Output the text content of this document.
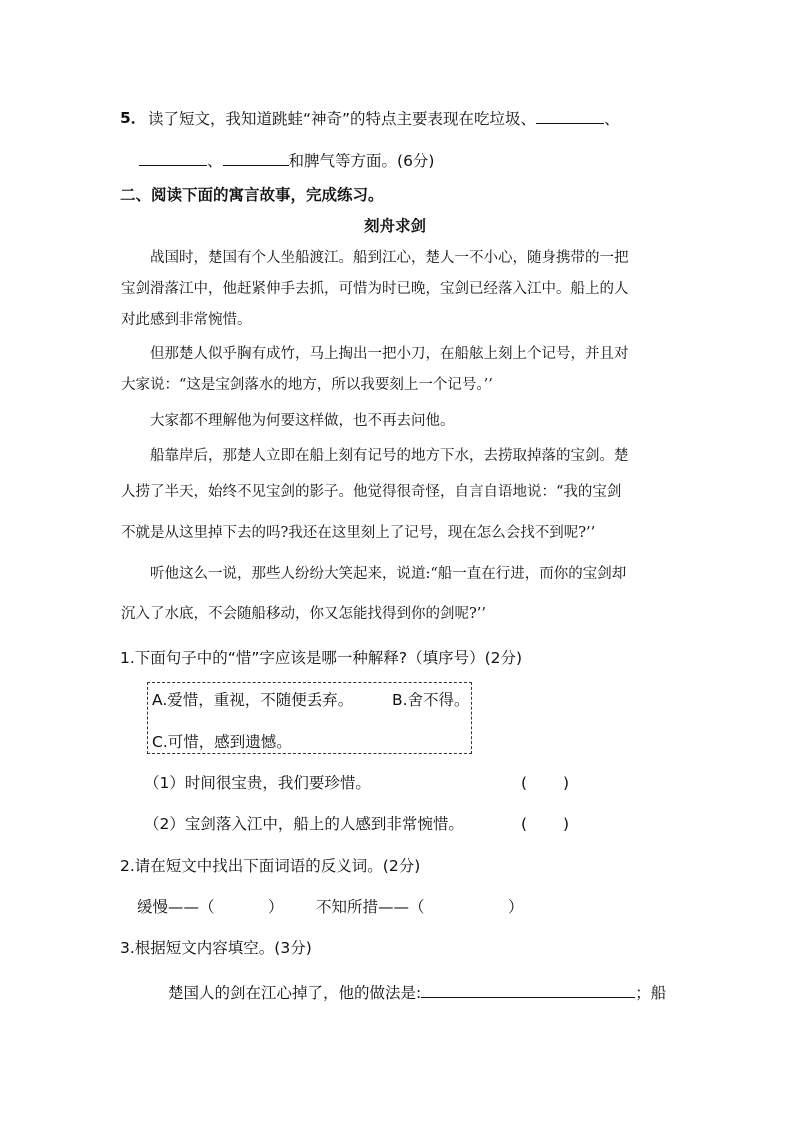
5． 读了短文，我知道跳蛙“神奇”的特点主要表现在吃垃圾、	、
、	和脾气等方面。(6分)
二、阅读下面的寓言故事，完成练习。
刻舟求剑
战国时，楚国有个人坐船渡江。船到江心，楚人一不小心，随身携带的一把
宝剑滑落江中，他赶紧伸手去抓，可惜为时已晚，宝剑已经落入江中。船上的人
对此感到非常惋惜。
但那楚人似乎胸有成竹，马上掏出一把小刀，在船舷上刻上个记号，并且对
大家说：“这是宝剑落水的地方，所以我要刻上一个记号。’’
大家都不理解他为何要这样做，也不再去问他。
船靠岸后，那楚人立即在船上刻有记号的地方下水，去捞取掉落的宝剑。楚
人捞了半天，始终不见宝剑的影子。他觉得很奇怪，自言自语地说：“我的宝剑
不就是从这里掉下去的吗?我还在这里刻上了记号，现在怎么会找不到呢?’’
听他这么一说，那些人纷纷大笑起来，说道:“船一直在行进，而你的宝剑却
沉入了水底，不会随船移动，你又怎能找得到你的剑呢?’’
1.下面句子中的“惜”字应该是哪一种解释?（填序号）(2分)
A.爱惜，重视，不随便丢弃。 B.舍不得。
C.可惜，感到遗憾。
（1）时间很宝贵，我们要珍惜。	( )
（2）宝剑落入江中，船上的人感到非常惋惜。	( )
2.请在短文中找出下面词语的反义词。(2分)
缓慢——（	） 不知所措——（	）
3.根据短文内容填空。(3分)
楚国人的剑在江心掉了，他的做法是:	；船
